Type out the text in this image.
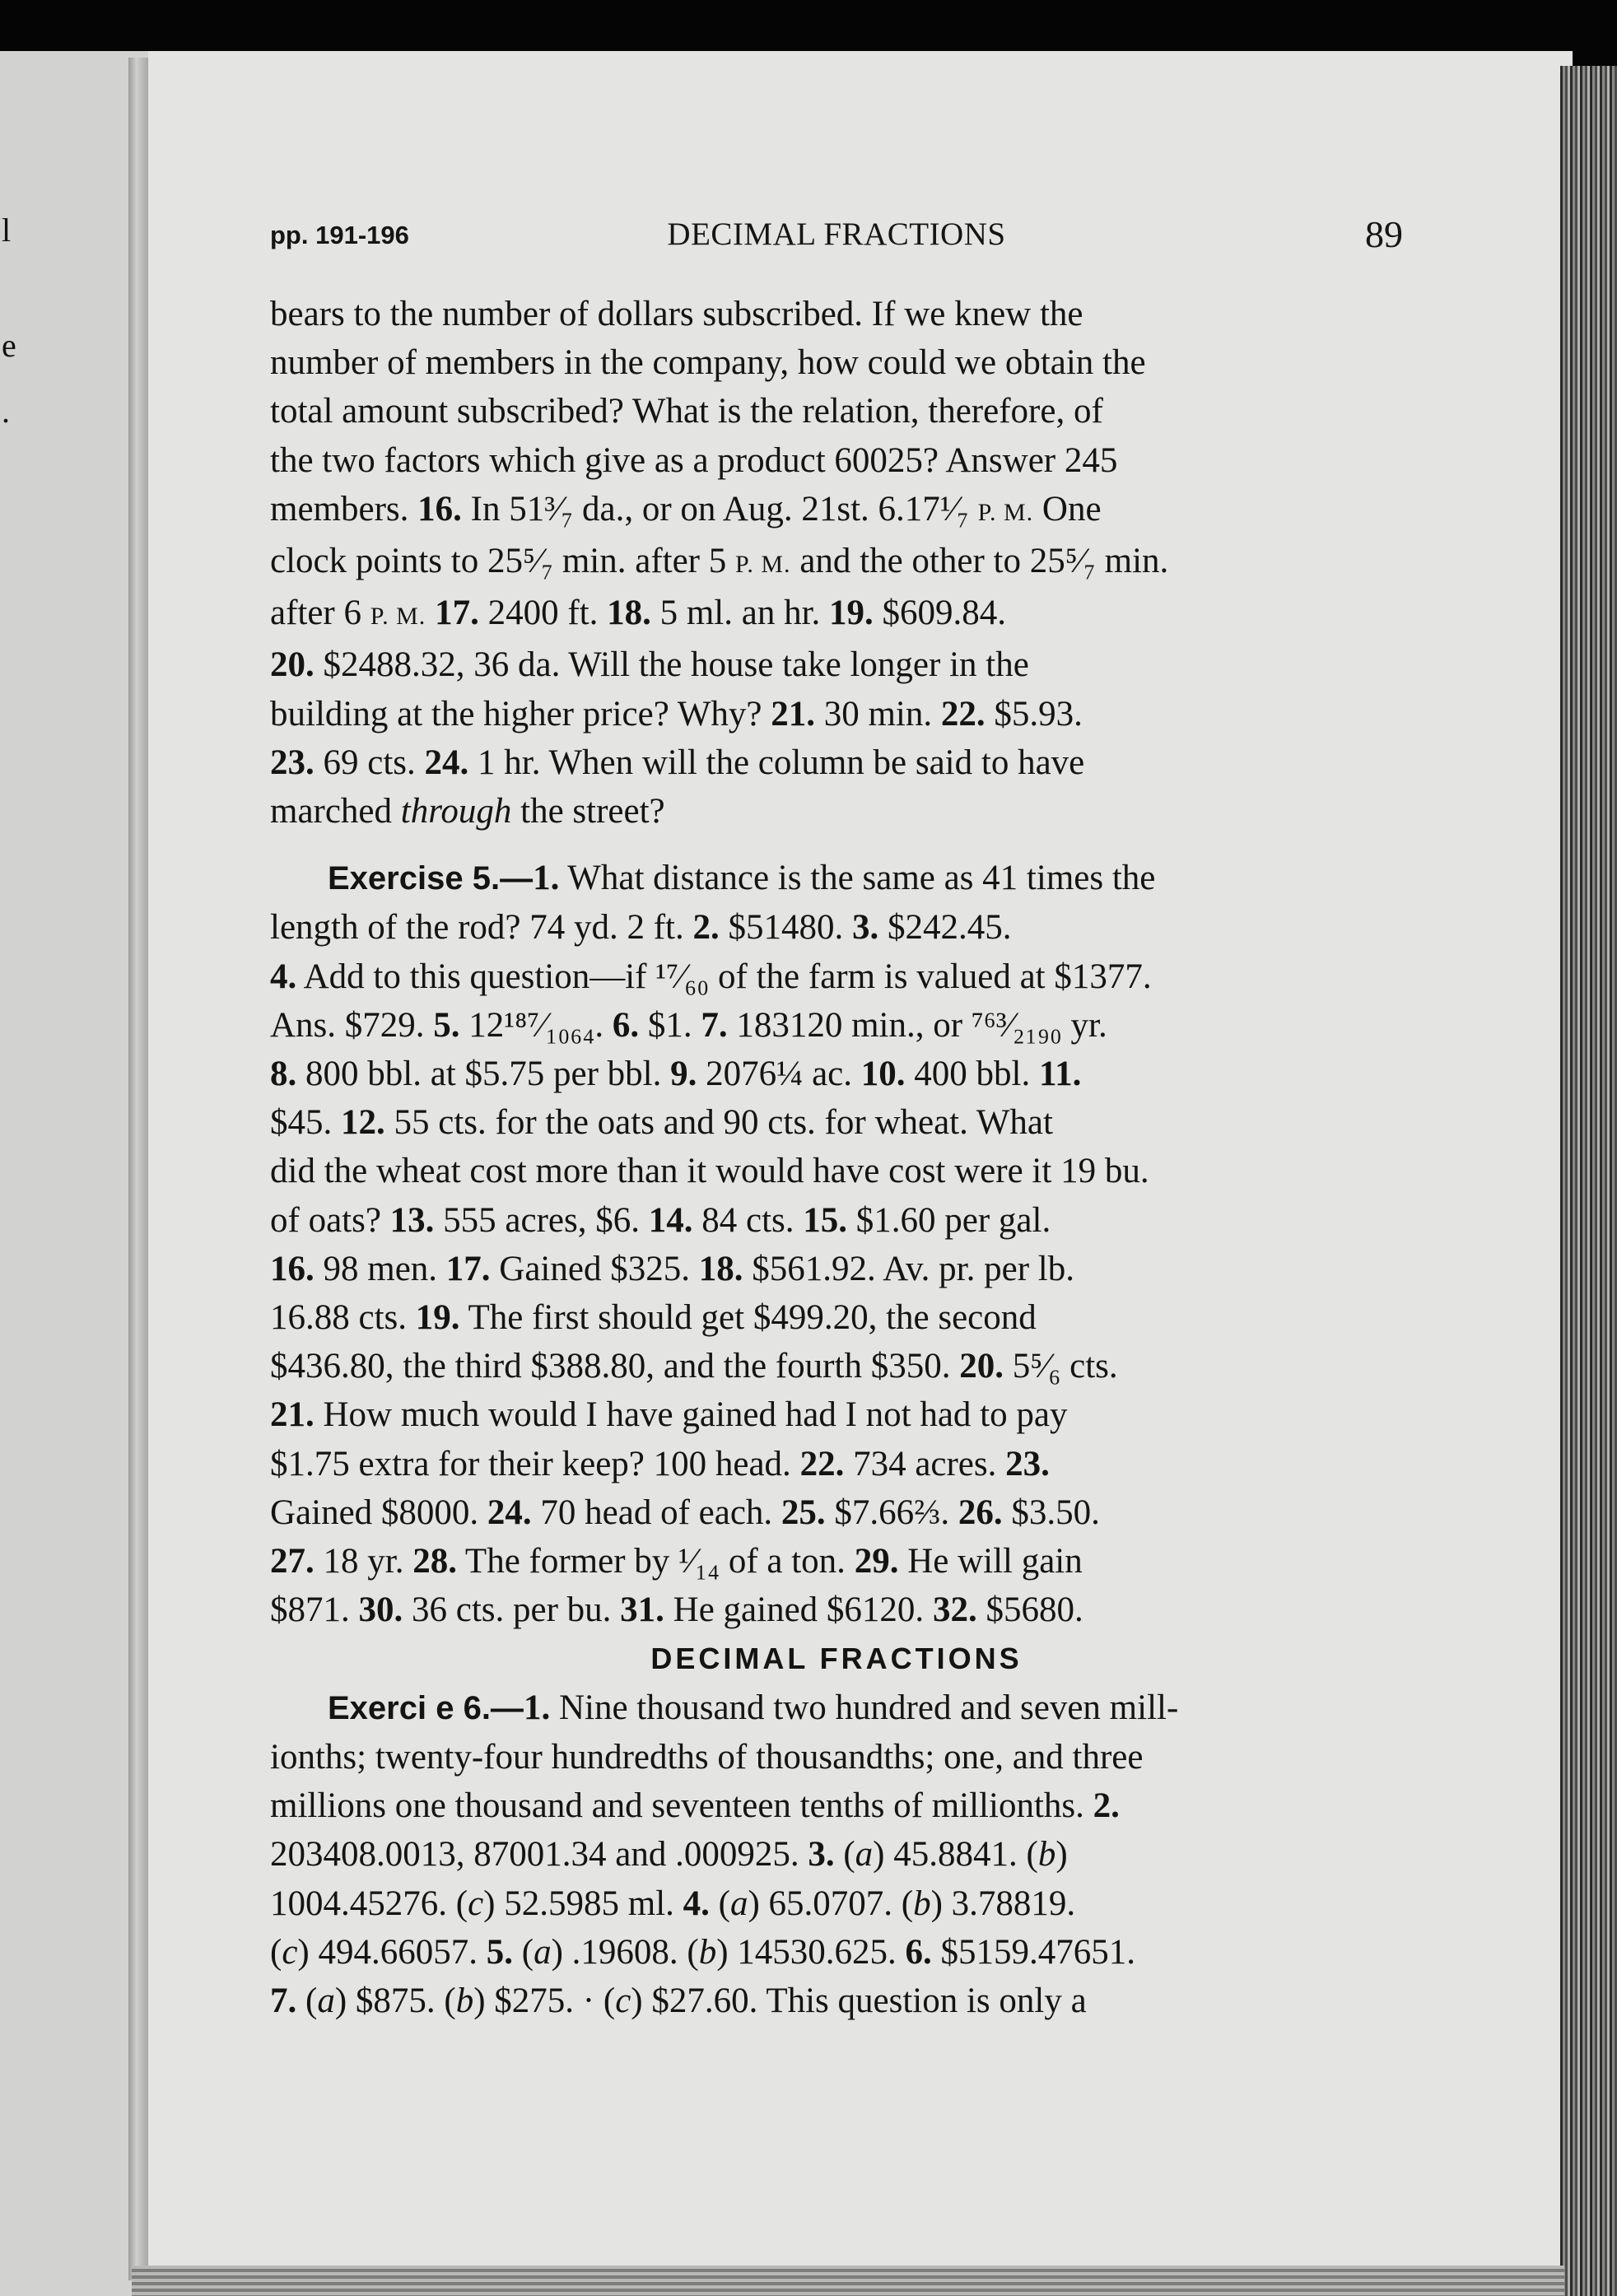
l
e
.
pp. 191-196	DECIMAL FRACTIONS	89

bears to the number of dollars subscribed. If we knew the

number of members in the company, how could we obtain the

total amount subscribed? What is the relation, therefore, of

the two factors which give as a product 60025? Answer 245

members. 16. In 51³⁄₇ da., or on Aug. 21st. 6.17¹⁄₇ P. M. One

clock points to 25⁵⁄₇ min. after 5 P. M. and the other to 25⁵⁄₇ min.

after 6 P. M. 17. 2400 ft. 18. 5 ml. an hr. 19. $609.84.

20. $2488.32, 36 da. Will the house take longer in the

building at the higher price? Why? 21. 30 min. 22. $5.93.

23. 69 cts. 24. 1 hr. When will the column be said to have

marched through the street?

Exercise 5.—1. What distance is the same as 41 times the

length of the rod? 74 yd. 2 ft. 2. $51480. 3. $242.45.

4. Add to this question—if ¹⁷⁄₆₀ of the farm is valued at $1377.

Ans. $729. 5. 12¹⁸⁷⁄₁₀₆₄. 6. $1. 7. 183120 min., or ⁷⁶³⁄₂₁₉₀ yr.

8. 800 bbl. at $5.75 per bbl. 9. 2076¼ ac. 10. 400 bbl. 11.

$45. 12. 55 cts. for the oats and 90 cts. for wheat. What

did the wheat cost more than it would have cost were it 19 bu.

of oats? 13. 555 acres, $6. 14. 84 cts. 15. $1.60 per gal.

16. 98 men. 17. Gained $325. 18. $561.92. Av. pr. per lb.

16.88 cts. 19. The first should get $499.20, the second

$436.80, the third $388.80, and the fourth $350. 20. 5⁵⁄₆ cts.

21. How much would I have gained had I not had to pay

$1.75 extra for their keep? 100 head. 22. 734 acres. 23.

Gained $8000. 24. 70 head of each. 25. $7.66⅔. 26. $3.50.

27. 18 yr. 28. The former by ¹⁄₁₄ of a ton. 29. He will gain

$871. 30. 36 cts. per bu. 31. He gained $6120. 32. $5680.

DECIMAL FRACTIONS

Exerci e 6.—1. Nine thousand two hundred and seven mill-

ionths; twenty-four hundredths of thousandths; one, and three

millions one thousand and seventeen tenths of millionths. 2.

203408.0013, 87001.34 and .000925. 3. (a) 45.8841. (b)

1004.45276. (c) 52.5985 ml. 4. (a) 65.0707. (b) 3.78819.

(c) 494.66057. 5. (a) .19608. (b) 14530.625. 6. $5159.47651.

7. (a) $875. (b) $275. · (c) $27.60. This question is only a
